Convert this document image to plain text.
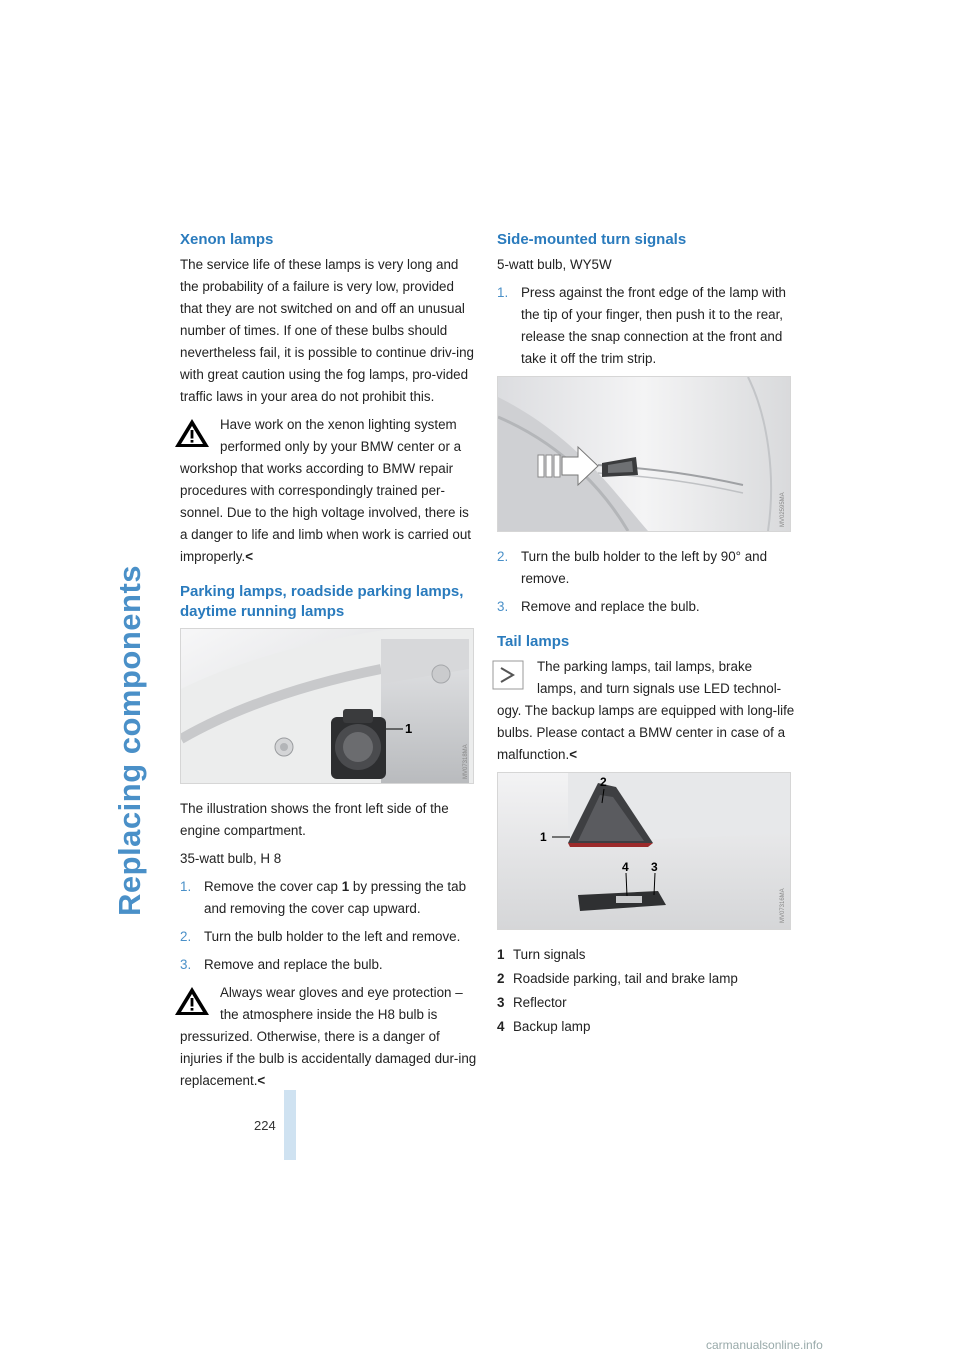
Replacing components
Xenon lamps

The service life of these lamps is very long and the probability of a failure is very low, provided that they are not switched on and off an unusual number of times. If one of these bulbs should nevertheless fail, it is possible to continue driv-ing with great caution using the fog lamps, pro-vided traffic laws in your area do not prohibit this.

Have work on the xenon lighting system performed only by your BMW center or a workshop that works according to BMW repair procedures with correspondingly trained per-sonnel. Due to the high voltage involved, there is a danger to life and limb when work is carried out improperly.<

Parking lamps, roadside parking lamps, daytime running lamps
1
MV07318MA

The illustration shows the front left side of the engine compartment.

35-watt bulb, H 8

1. Remove the cover cap 1 by pressing the tab and removing the cover cap upward.
2. Turn the bulb holder to the left and remove.
3. Remove and replace the bulb.

Always wear gloves and eye protection – the atmosphere inside the H8 bulb is pressurized. Otherwise, there is a danger of injuries if the bulb is accidentally damaged dur-ing replacement.<

Side-mounted turn signals

5-watt bulb, WY5W

1. Press against the front edge of the lamp with the tip of your finger, then push it to the rear, release the snap connection at the front and take it off the trim strip.
MV02595MA
2. Turn the bulb holder to the left by 90° and remove.
3. Remove and replace the bulb.
Tail lamps

The parking lamps, tail lamps, brake lamps, and turn signals use LED technol-ogy. The backup lamps are equipped with long-life bulbs. Please contact a BMW center in case of a malfunction.<

1
2
3
4
MV07316MA
1 Turn signals
2 Roadside parking, tail and brake lamp
3 Reflector
4 Backup lamp
224
carmanualsonline.info
